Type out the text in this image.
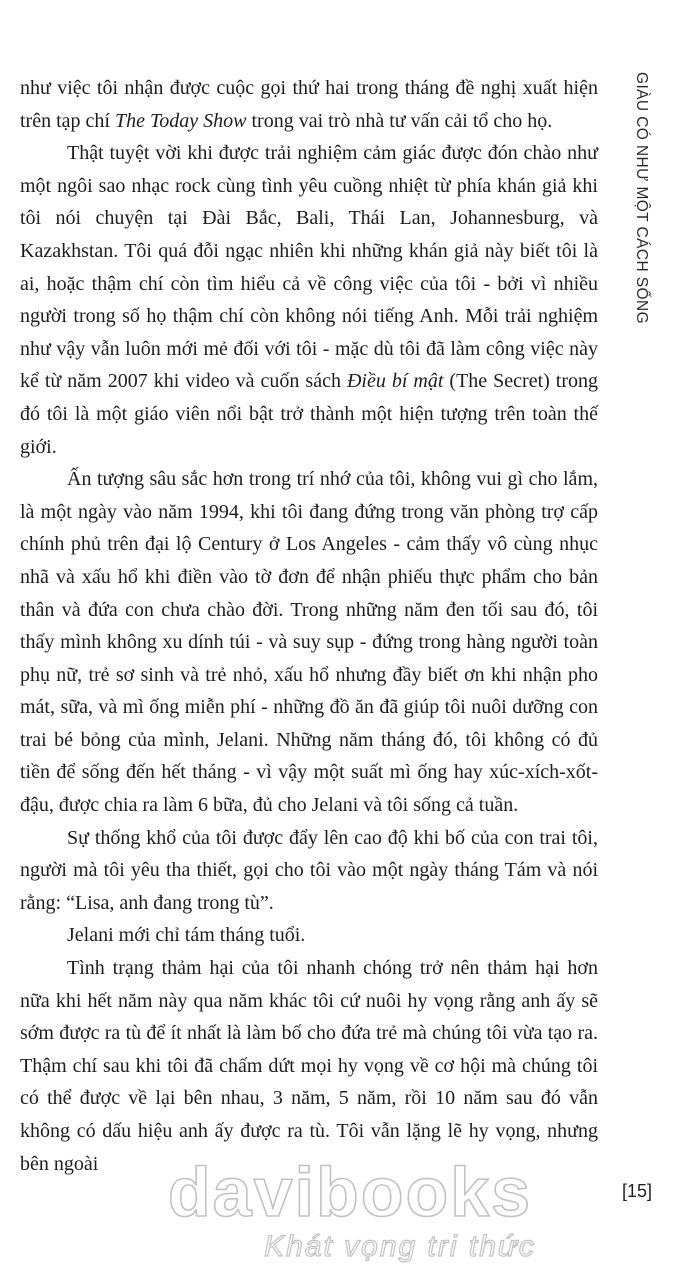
GIÀU CÓ NHƯ MỘT CÁCH SỐNG

như việc tôi nhận được cuộc gọi thứ hai trong tháng đề nghị xuất hiện trên tạp chí The Today Show trong vai trò nhà tư vấn cải tổ cho họ.

Thật tuyệt vời khi được trải nghiệm cảm giác được đón chào như một ngôi sao nhạc rock cùng tình yêu cuồng nhiệt từ phía khán giả khi tôi nói chuyện tại Đài Bắc, Bali, Thái Lan, Johannesburg, và Kazakhstan. Tôi quá đỗi ngạc nhiên khi những khán giả này biết tôi là ai, hoặc thậm chí còn tìm hiểu cả về công việc của tôi - bởi vì nhiều người trong số họ thậm chí còn không nói tiếng Anh. Mỗi trải nghiệm như vậy vẫn luôn mới mẻ đối với tôi - mặc dù tôi đã làm công việc này kể từ năm 2007 khi video và cuốn sách Điều bí mật (The Secret) trong đó tôi là một giáo viên nổi bật trở thành một hiện tượng trên toàn thế giới.

Ấn tượng sâu sắc hơn trong trí nhớ của tôi, không vui gì cho lắm, là một ngày vào năm 1994, khi tôi đang đứng trong văn phòng trợ cấp chính phủ trên đại lộ Century ở Los Angeles - cảm thấy vô cùng nhục nhã và xấu hổ khi điền vào tờ đơn để nhận phiếu thực phẩm cho bản thân và đứa con chưa chào đời. Trong những năm đen tối sau đó, tôi thấy mình không xu dính túi - và suy sụp - đứng trong hàng người toàn phụ nữ, trẻ sơ sinh và trẻ nhỏ, xấu hổ nhưng đầy biết ơn khi nhận pho mát, sữa, và mì ống miễn phí - những đồ ăn đã giúp tôi nuôi dưỡng con trai bé bỏng của mình, Jelani. Những năm tháng đó, tôi không có đủ tiền để sống đến hết tháng - vì vậy một suất mì ống hay xúc-xích-xốt-đậu, được chia ra làm 6 bữa, đủ cho Jelani và tôi sống cả tuần.

Sự thống khổ của tôi được đẩy lên cao độ khi bố của con trai tôi, người mà tôi yêu tha thiết, gọi cho tôi vào một ngày tháng Tám và nói rằng: “Lisa, anh đang trong tù”.

Jelani mới chỉ tám tháng tuổi.

Tình trạng thảm hại của tôi nhanh chóng trở nên thảm hại hơn nữa khi hết năm này qua năm khác tôi cứ nuôi hy vọng rằng anh ấy sẽ sớm được ra tù để ít nhất là làm bố cho đứa trẻ mà chúng tôi vừa tạo ra. Thậm chí sau khi tôi đã chấm dứt mọi hy vọng về cơ hội mà chúng tôi có thể được về lại bên nhau, 3 năm, 5 năm, rồi 10 năm sau đó vẫn không có dấu hiệu anh ấy được ra tù. Tôi vẫn lặng lẽ hy vọng, nhưng bên ngoài

[15]
davibooks
Khát vọng tri thức
